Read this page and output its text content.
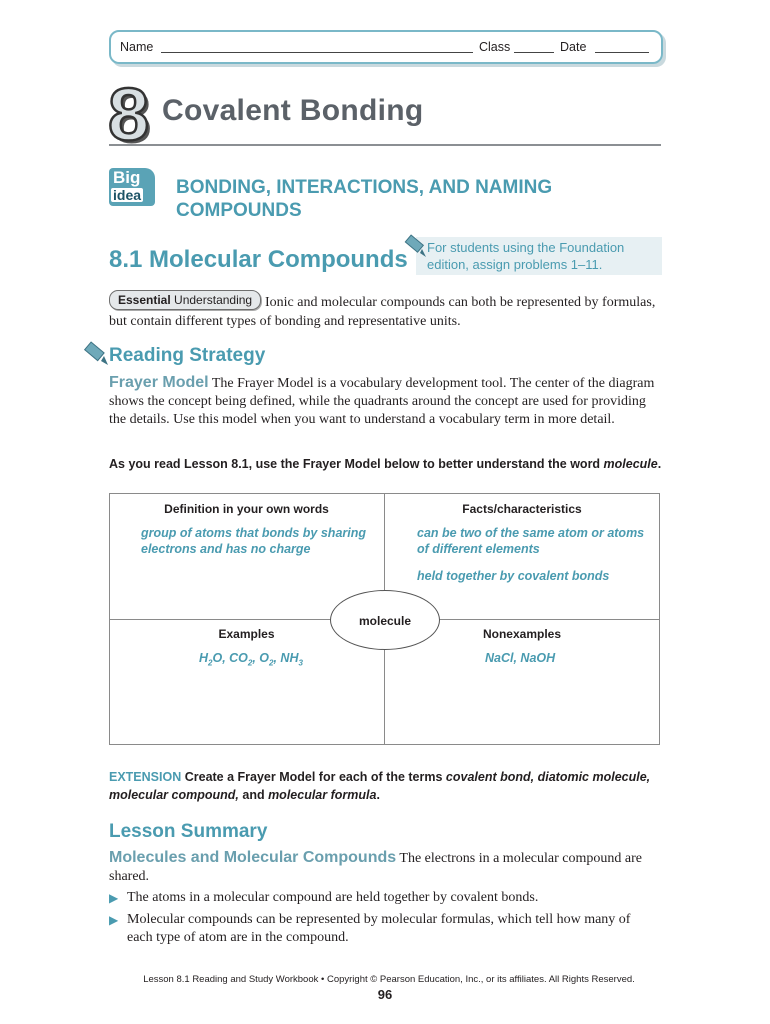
Name	Class	Date
8 Covalent Bonding
Big
idea BONDING, INTERACTIONS, AND NAMING COMPOUNDS
8.1 Molecular Compounds For students using the Foundation edition, assign problems 1–11.
Ionic and molecular compounds can both be represented by formulas, but contain different types of bonding and representative units.
Essential Understanding
Reading Strategy
Frayer Model The Frayer Model is a vocabulary development tool. The center of the diagram shows the concept being defined, while the quadrants around the concept are used for providing the details. Use this model when you want to understand a vocabulary term in more detail.
As you read Lesson 8.1, use the Frayer Model below to better understand the word molecule.
Definition in your own words
group of atoms that bonds by sharing electrons and has no charge
Facts/characteristics
can be two of the same atom or atoms of different elements
held together by covalent bonds
Examples
$H_2O$, $CO_2$, $O_2$, $NH_3$
Nonexamples
NaCl, NaOH
molecule
EXTENSION Create a Frayer Model for each of the terms covalent bond, diatomic molecule, molecular compound, and molecular formula.
Lesson Summary
Molecules and Molecular Compounds The electrons in a molecular compound are shared.
▶ The atoms in a molecular compound are held together by covalent bonds.
▶ Molecular compounds can be represented by molecular formulas, which tell how many of each type of atom are in the compound.
Lesson 8.1 Reading and Study Workbook • Copyright © Pearson Education, Inc., or its affiliates. All Rights Reserved.
96
